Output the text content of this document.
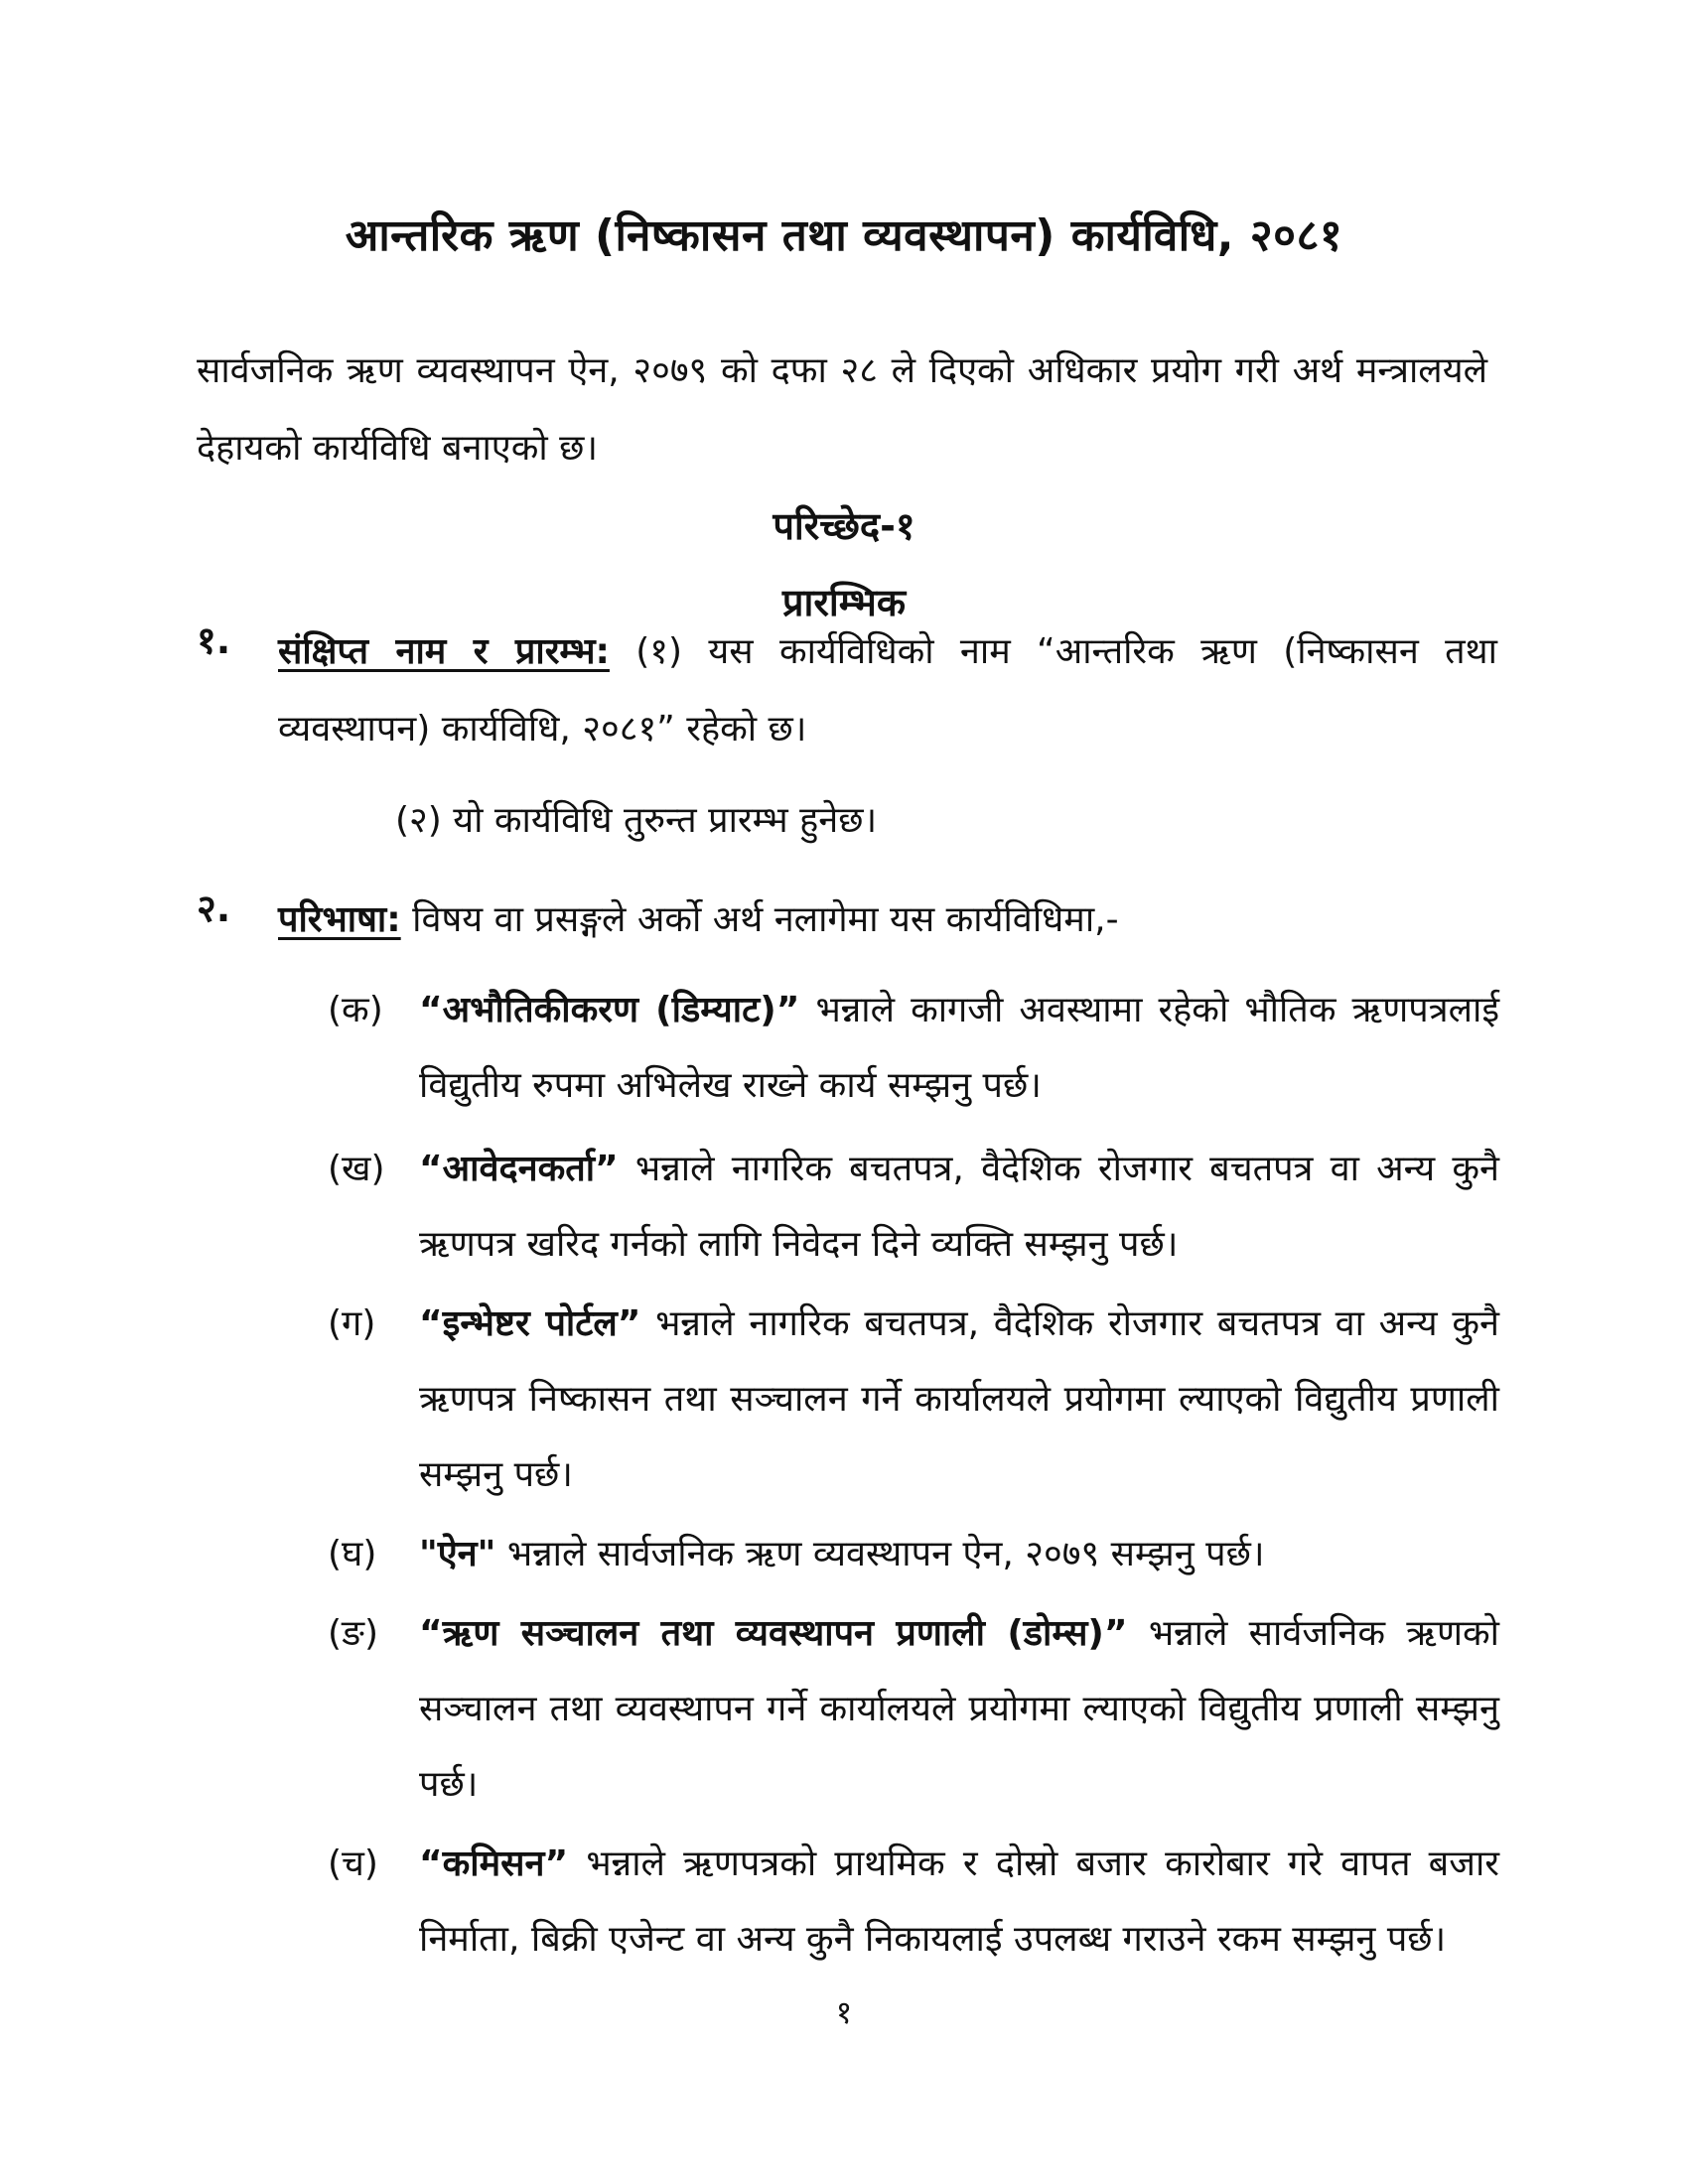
आन्तरिक ऋण (निष्कासन तथा व्यवस्थापन) कार्यविधि, २०८१
सार्वजनिक ऋण व्यवस्थापन ऐन, २०७९ को दफा २८ ले दिएको अधिकार प्रयोग गरी अर्थ मन्त्रालयले देहायको कार्यविधि बनाएको छ।
परिच्छेद-१
प्रारम्भिक
१. संक्षिप्त नाम र प्रारम्भ: (१) यस कार्यविधिको नाम “आन्तरिक ऋण (निष्कासन तथा व्यवस्थापन) कार्यविधि, २०८१” रहेको छ।
(२) यो कार्यविधि तुरुन्त प्रारम्भ हुनेछ।
२. परिभाषा: विषय वा प्रसङ्गले अर्को अर्थ नलागेमा यस कार्यविधिमा,-
(क)	“अभौतिकीकरण (डिम्याट)” भन्नाले कागजी अवस्थामा रहेको भौतिक ऋणपत्रलाई विद्युतीय रुपमा अभिलेख राख्ने कार्य सम्झनु पर्छ।
(ख) “आवेदनकर्ता” भन्नाले नागरिक बचतपत्र, वैदेशिक रोजगार बचतपत्र वा अन्य कुनै ऋणपत्र खरिद गर्नको लागि निवेदन दिने व्यक्ति सम्झनु पर्छ।
(ग)	“इन्भेष्टर पोर्टल” भन्नाले नागरिक बचतपत्र, वैदेशिक रोजगार बचतपत्र वा अन्य कुनै ऋणपत्र निष्कासन तथा सञ्चालन गर्ने कार्यालयले प्रयोगमा ल्याएको विद्युतीय प्रणाली सम्झनु पर्छ।
(घ)	"ऐन" भन्नाले सार्वजनिक ऋण व्यवस्थापन ऐन, २०७९ सम्झनु पर्छ।
(ङ)	“ऋण सञ्चालन तथा व्यवस्थापन प्रणाली (डोम्स)” भन्नाले सार्वजनिक ऋणको सञ्चालन तथा व्यवस्थापन गर्ने कार्यालयले प्रयोगमा ल्याएको विद्युतीय प्रणाली सम्झनु पर्छ।
(च)	“कमिसन” भन्नाले ऋणपत्रको प्राथमिक र दोस्रो बजार कारोबार गरे वापत बजार निर्माता, बिक्री एजेन्ट वा अन्य कुनै निकायलाई उपलब्ध गराउने रकम सम्झनु पर्छ।
१
